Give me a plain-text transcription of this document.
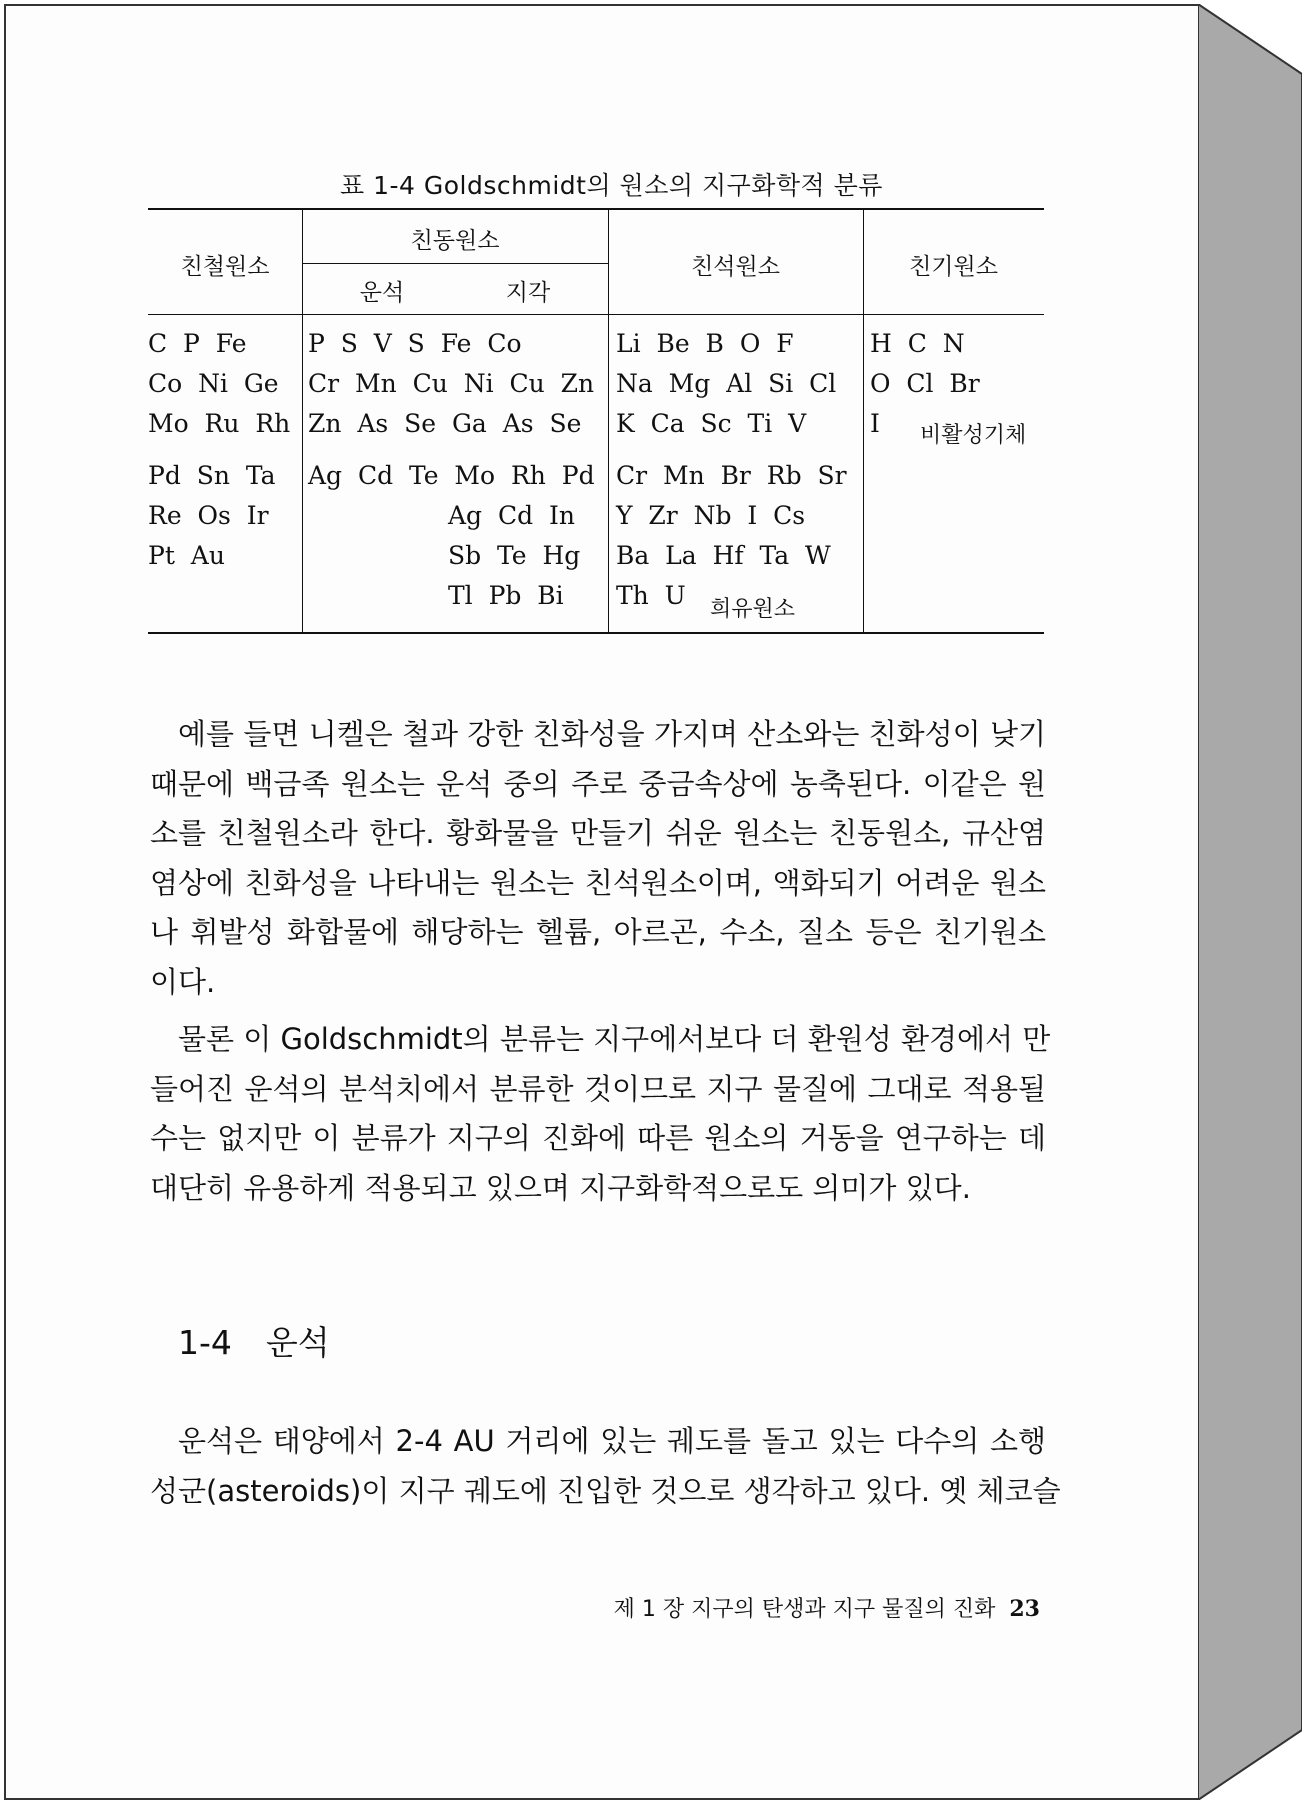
표 1-4 Goldschmidt의 원소의 지구화학적 분류
친철원소
친동원소
운석	지각
친석원소	친기원소
C  P  Fe
Co  Ni  Ge
Mo  Ru  Rh
Pd  Sn  Ta
Re  Os  Ir
Pt  Au
P  S  V  S  Fe  Co
Cr  Mn  Cu  Ni  Cu  Zn
Zn  As  Se  Ga  As  Se
Ag  Cd  Te  Mo  Rh  Pd
Ag  Cd  In
Sb  Te  Hg
Tl  Pb  Bi
Li  Be  B  O  F
Na  Mg  Al  Si  Cl
K  Ca  Sc  Ti  V
Cr  Mn  Br  Rb  Sr
Y  Zr  Nb  I  Cs
Ba  La  Hf  Ta  W
Th  U 희유원소
H  C  N
O  Cl  Br
I 비활성기체
예를 들면 니켈은 철과 강한 친화성을 가지며 산소와는 친화성이 낮기
때문에 백금족 원소는 운석 중의 주로 중금속상에 농축된다. 이같은 원
소를 친철원소라 한다. 황화물을 만들기 쉬운 원소는 친동원소, 규산염
염상에 친화성을 나타내는 원소는 친석원소이며, 액화되기 어려운 원소
나 휘발성 화합물에 해당하는 헬륨, 아르곤, 수소, 질소 등은 친기원소
이다.
물론 이 Goldschmidt의 분류는 지구에서보다 더 환원성 환경에서 만
들어진 운석의 분석치에서 분류한 것이므로 지구 물질에 그대로 적용될
수는 없지만 이 분류가 지구의 진화에 따른 원소의 거동을 연구하는 데
대단히 유용하게 적용되고 있으며 지구화학적으로도 의미가 있다.
1-4 운석
운석은 태양에서 2-4 AU 거리에 있는 궤도를 돌고 있는 다수의 소행
성군(asteroids)이 지구 궤도에 진입한 것으로 생각하고 있다. 옛 체코슬
제 1 장 지구의 탄생과 지구 물질의 진화 23
